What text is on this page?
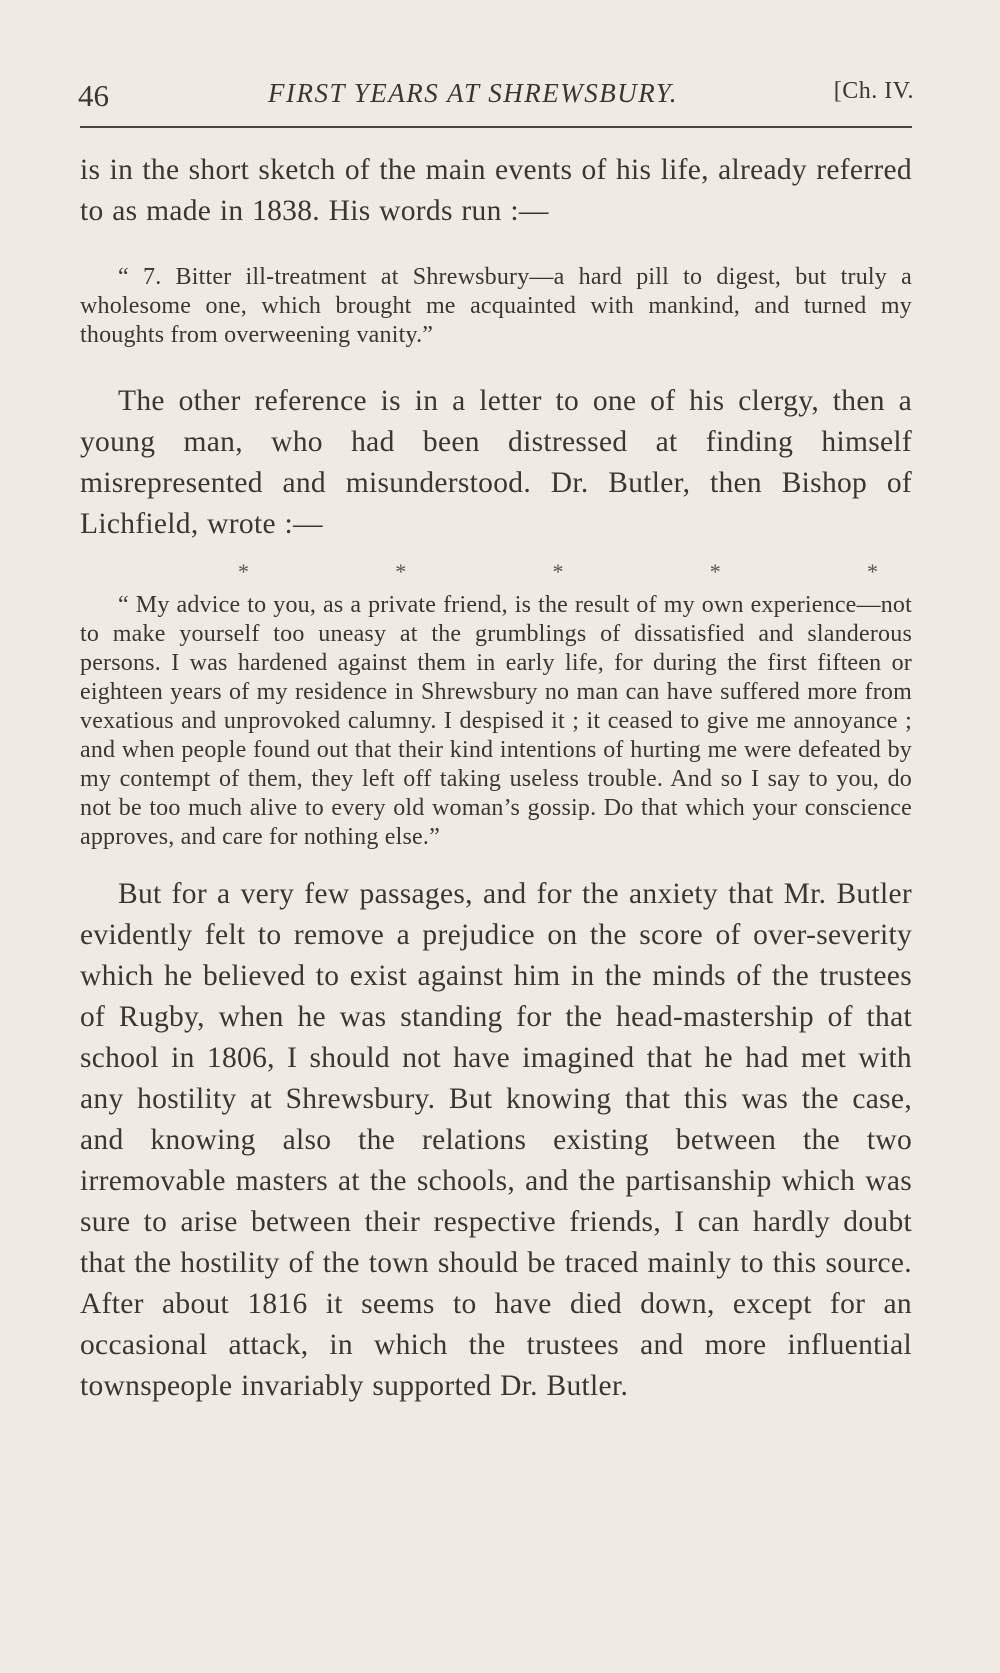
46	FIRST YEARS AT SHREWSBURY.	[Ch. IV.

is in the short sketch of the main events of his life, already referred to as made in 1838. His words run :—

“ 7. Bitter ill-treatment at Shrewsbury—a hard pill to digest, but truly a wholesome one, which brought me acquainted with mankind, and turned my thoughts from overweening vanity.”

The other reference is in a letter to one of his clergy, then a young man, who had been distressed at finding himself misrepresented and misunderstood. Dr. Butler, then Bishop of Lichfield, wrote :—

*	*	*	*	*

“ My advice to you, as a private friend, is the result of my own experience—not to make yourself too uneasy at the grumblings of dissatisfied and slanderous persons. I was hardened against them in early life, for during the first fifteen or eighteen years of my residence in Shrewsbury no man can have suffered more from vexatious and unprovoked calumny. I despised it ; it ceased to give me annoyance ; and when people found out that their kind intentions of hurting me were defeated by my contempt of them, they left off taking useless trouble. And so I say to you, do not be too much alive to every old woman’s gossip. Do that which your conscience approves, and care for nothing else.”

But for a very few passages, and for the anxiety that Mr. Butler evidently felt to remove a prejudice on the score of over-severity which he believed to exist against him in the minds of the trustees of Rugby, when he was standing for the head-mastership of that school in 1806, I should not have imagined that he had met with any hostility at Shrewsbury. But knowing that this was the case, and knowing also the relations existing between the two irremovable masters at the schools, and the partisanship which was sure to arise between their respective friends, I can hardly doubt that the hostility of the town should be traced mainly to this source. After about 1816 it seems to have died down, except for an occasional attack, in which the trustees and more influential townspeople invariably supported Dr. Butler.
